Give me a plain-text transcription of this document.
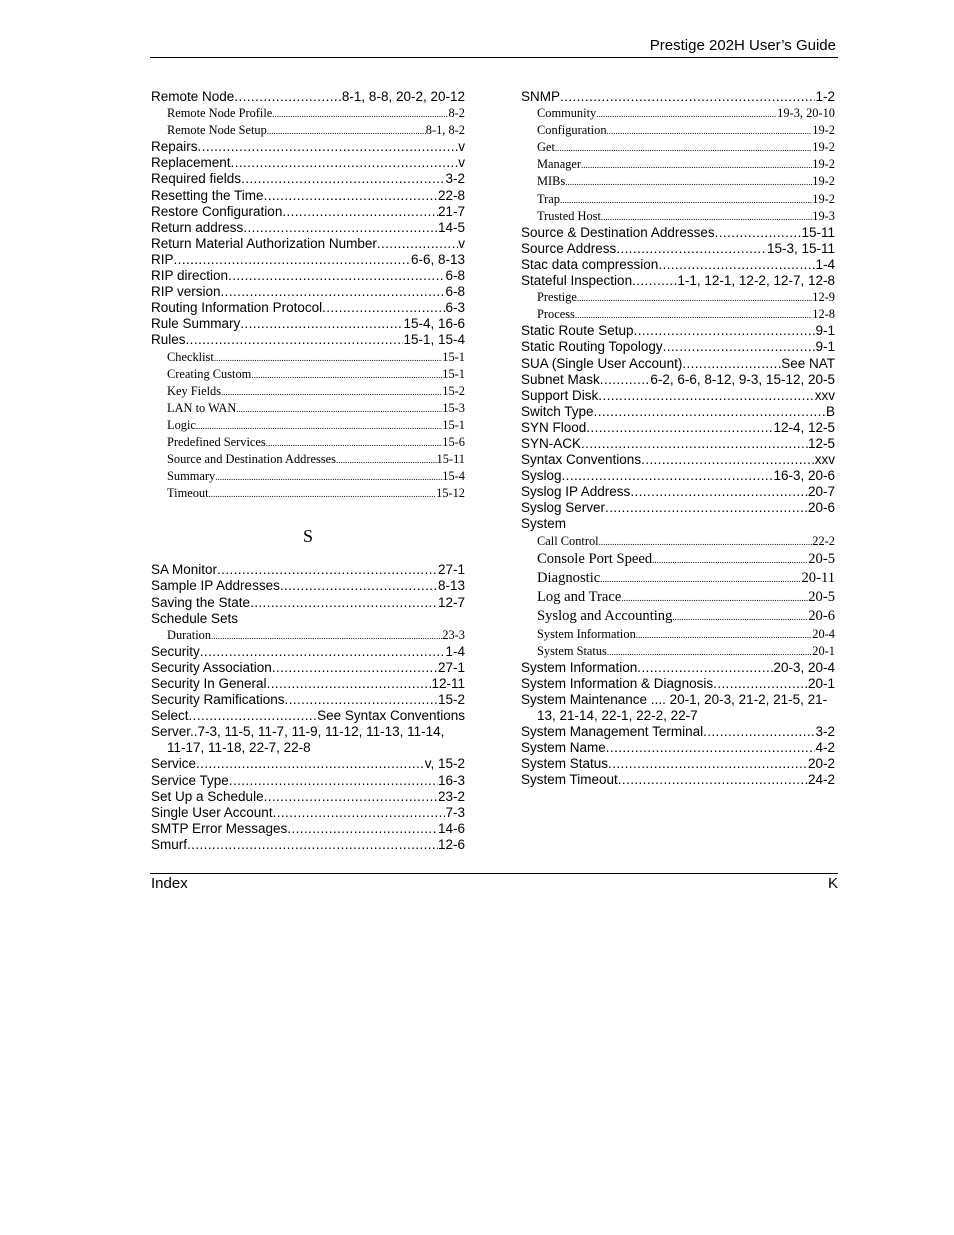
Prestige 202H User’s Guide
Remote Node .....	8-1, 8-8, 20-2, 20-12
Remote Node Profile .....	8-2
Remote Node Setup .....	8-1, 8-2
Repairs .....	v
Replacement .....	v
Required fields .....	3-2
Resetting the Time .....	22-8
Restore Configuration .....	21-7
Return address .....	14-5
Return Material Authorization Number .....	v
RIP .....	6-6, 8-13
RIP direction .....	6-8
RIP version .....	6-8
Routing Information Protocol .....	6-3
Rule Summary .....	15-4, 16-6
Rules .....	15-1, 15-4
Checklist .....	15-1
Creating Custom .....	15-1
Key Fields .....	15-2
LAN to WAN .....	15-3
Logic .....	15-1
Predefined Services .....	15-6
Source and Destination Addresses .....	15-11
Summary .....	15-4
Timeout .....	15-12
S
SA Monitor .....	27-1
Sample IP Addresses .....	8-13
Saving the State .....	12-7
Schedule Sets
Duration .....	23-3
Security .....	1-4
Security Association .....	27-1
Security In General .....	12-11
Security Ramifications .....	15-2
Select .....	See Syntax Conventions
Server..7-3, 11-5, 11-7, 11-9, 11-12, 11-13, 11-14, 11-17, 11-18, 22-7, 22-8
Service .....	v, 15-2
Service Type .....	16-3
Set Up a Schedule .....	23-2
Single User Account .....	7-3
SMTP Error Messages .....	14-6
Smurf .....	12-6
SNMP .....	1-2
Community .....	19-3, 20-10
Configuration .....	19-2
Get .....	19-2
Manager .....	19-2
MIBs .....	19-2
Trap .....	19-2
Trusted Host .....	19-3
Source & Destination Addresses .....	15-11
Source Address .....	15-3, 15-11
Stac data compression .....	1-4
Stateful Inspection .....	1-1, 12-1, 12-2, 12-7, 12-8
Prestige .....	12-9
Process .....	12-8
Static Route Setup .....	9-1
Static Routing Topology .....	9-1
SUA (Single User Account) .....	See NAT
Subnet Mask .....	6-2, 6-6, 8-12, 9-3, 15-12, 20-5
Support Disk .....	xxv
Switch Type .....	B
SYN Flood .....	12-4, 12-5
SYN-ACK .....	12-5
Syntax Conventions .....	xxv
Syslog .....	16-3, 20-6
Syslog IP Address .....	20-7
Syslog Server .....	20-6
System
Call Control .....	22-2
Console Port Speed .....	20-5
Diagnostic .....	20-11
Log and Trace .....	20-5
Syslog and Accounting .....	20-6
System Information .....	20-4
System Status .....	20-1
System Information .....	20-3, 20-4
System Information & Diagnosis .....	20-1
System Maintenance .... 20-1, 20-3, 21-2, 21-5, 21-13, 21-14, 22-1, 22-2, 22-7
System Management Terminal .....	3-2
System Name .....	4-2
System Status .....	20-2
System Timeout .....	24-2
Index	K
